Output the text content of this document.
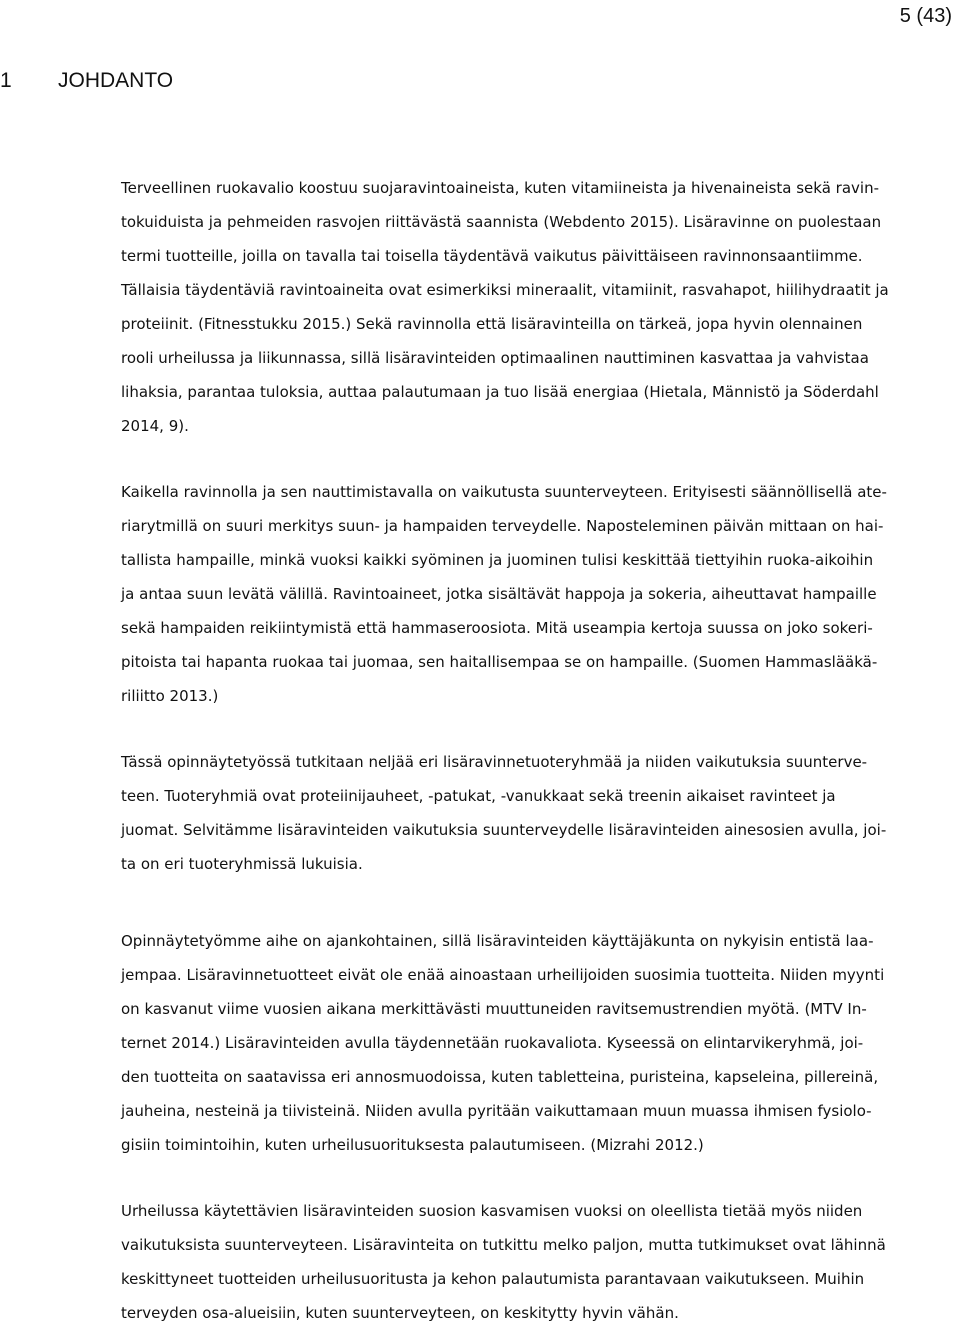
5 (43)
1 JOHDANTO

Terveellinen ruokavalio koostuu suojaravintoaineista, kuten vitamiineista ja hivenaineista sekä ravin-
tokuiduista ja pehmeiden rasvojen riittävästä saannista (Webdento 2015). Lisäravinne on puolestaan
termi tuotteille, joilla on tavalla tai toisella täydentävä vaikutus päivittäiseen ravinnonsaantiimme.
Tällaisia täydentäviä ravintoaineita ovat esimerkiksi mineraalit, vitamiinit, rasvahapot, hiilihydraatit ja
proteiinit. (Fitnesstukku 2015.) Sekä ravinnolla että lisäravinteilla on tärkeä, jopa hyvin olennainen
rooli urheilussa ja liikunnassa, sillä lisäravinteiden optimaalinen nauttiminen kasvattaa ja vahvistaa
lihaksia, parantaa tuloksia, auttaa palautumaan ja tuo lisää energiaa (Hietala, Männistö ja Söderdahl
2014, 9).

Kaikella ravinnolla ja sen nauttimistavalla on vaikutusta suunterveyteen. Erityisesti säännöllisellä ate-
riarytmillä on suuri merkitys suun- ja hampaiden terveydelle. Napostelem​inen päivän mittaan on hai-
tallista hampaille, minkä vuoksi kaikki syöminen ja juominen tulisi keskittää tiettyihin ruoka-aikoihin
ja antaa suun levätä välillä. Ravintoaineet, jotka sisältävät happoja ja sokeria, aiheuttavat hampaille
sekä hampaiden reikiintymistä että hammaseroosiota. Mitä useampia kertoja suussa on joko sokeri-
pitoista tai hapanta ruokaa tai juomaa, sen haitallisempaa se on hampaille. (Suomen Hammaslääkä-
riliitto 2013.)

Tässä opinnäytetyössä tutkitaan neljää eri lisäravinnetuoteryhmää ja niiden vaikutuksia suunterve-
teen. Tuoteryhmiä ovat proteiinijauheet, -patukat, -vanukkaat sekä treenin aikaiset ravinteet ja
juomat. Selvitämme lisäravinteiden vaikutuksia suunterveydelle lisäravinteiden ainesosien avulla, joi-
ta on eri tuoteryhmissä lukuisia.

Opinnäytetyömme aihe on ajankohtainen, sillä lisäravinteiden käyttäjäkunta on nykyisin entistä laa-
jempaa. Lisäravinnetuotteet eivät ole enää ainoastaan urheilijoiden suosimia tuotteita. Niiden myynti
on kasvanut viime vuosien aikana merkittävästi muuttuneiden ravitsemustrendien myötä. (MTV In-
ternet 2014.) Lisäravinteiden avulla täydennetään ruokavaliota. Kyseessä on elintarvikeryhmä, joi-
den tuotteita on saatavissa eri annosmuodoissa, kuten tabletteina, puristeina, kapseleina, pillereinä,
jauheina, nesteinä ja tiivisteinä. Niiden avulla pyritään vaikuttamaan muun muassa ihmisen fysiolo-
gisiin toimintoihin, kuten urheilusuorituksesta palautumiseen. (Mizrahi 2012.)

Urheilussa käytettävien lisäravinteiden suosion kasvamisen vuoksi on oleellista tietää myös niiden
vaikutuksista suunterveyteen. Lisäravinteita on tutkittu melko paljon, mutta tutkimukset ovat lähinnä
keskittyneet tuotteiden urheilusuoritusta ja kehon palautumista parantavaan vaikutukseen. Muihin
terveyden osa-alueisiin, kuten suunterveyteen, on keskitytty hyvin vähän.
